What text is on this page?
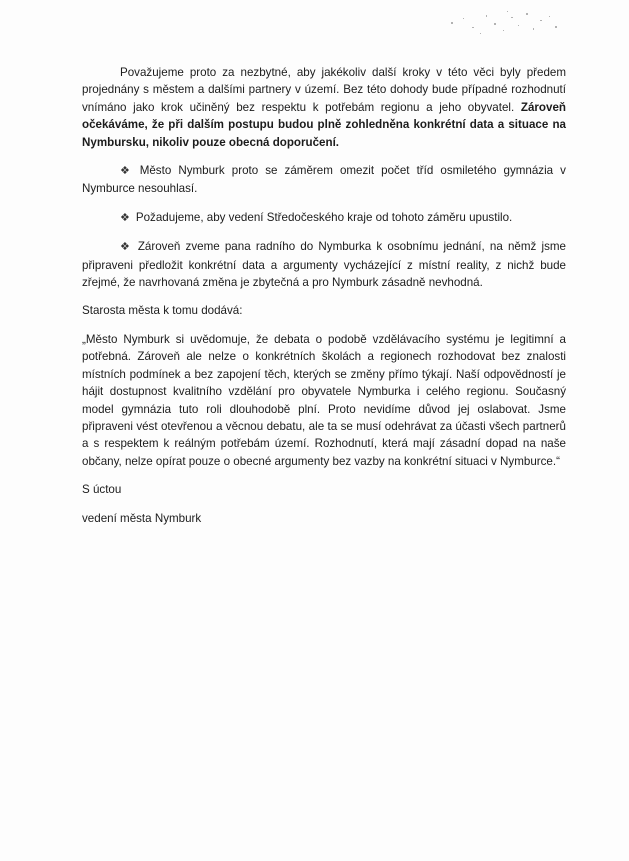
Považujeme proto za nezbytné, aby jakékoliv další kroky v této věci byly předem projednány s městem a dalšími partnery v území. Bez této dohody bude případné rozhodnutí vnímáno jako krok učiněný bez respektu k potřebám regionu a jeho obyvatel. Zároveň očekáváme, že při dalším postupu budou plně zohledněna konkrétní data a situace na Nymbursku, nikoliv pouze obecná doporučení.

❖ Město Nymburk proto se záměrem omezit počet tříd osmiletého gymnázia v Nymburce nesouhlasí.

❖ Požadujeme, aby vedení Středočeského kraje od tohoto záměru upustilo.

❖ Zároveň zveme pana radního do Nymburka k osobnímu jednání, na němž jsme připraveni předložit konkrétní data a argumenty vycházející z místní reality, z nichž bude zřejmé, že navrhovaná změna je zbytečná a pro Nymburk zásadně nevhodná.

Starosta města k tomu dodává:

„Město Nymburk si uvědomuje, že debata o podobě vzdělávacího systému je legitimní a potřebná. Zároveň ale nelze o konkrétních školách a regionech rozhodovat bez znalosti místních podmínek a bez zapojení těch, kterých se změny přímo týkají. Naší odpovědností je hájit dostupnost kvalitního vzdělání pro obyvatele Nymburka i celého regionu. Současný model gymnázia tuto roli dlouhodobě plní. Proto nevidíme důvod jej oslabovat. Jsme připraveni vést otevřenou a věcnou debatu, ale ta se musí odehrávat za účasti všech partnerů a s respektem k reálným potřebám území. Rozhodnutí, která mají zásadní dopad na naše občany, nelze opírat pouze o obecné argumenty bez vazby na konkrétní situaci v Nymburce.“

S úctou

vedení města Nymburk
